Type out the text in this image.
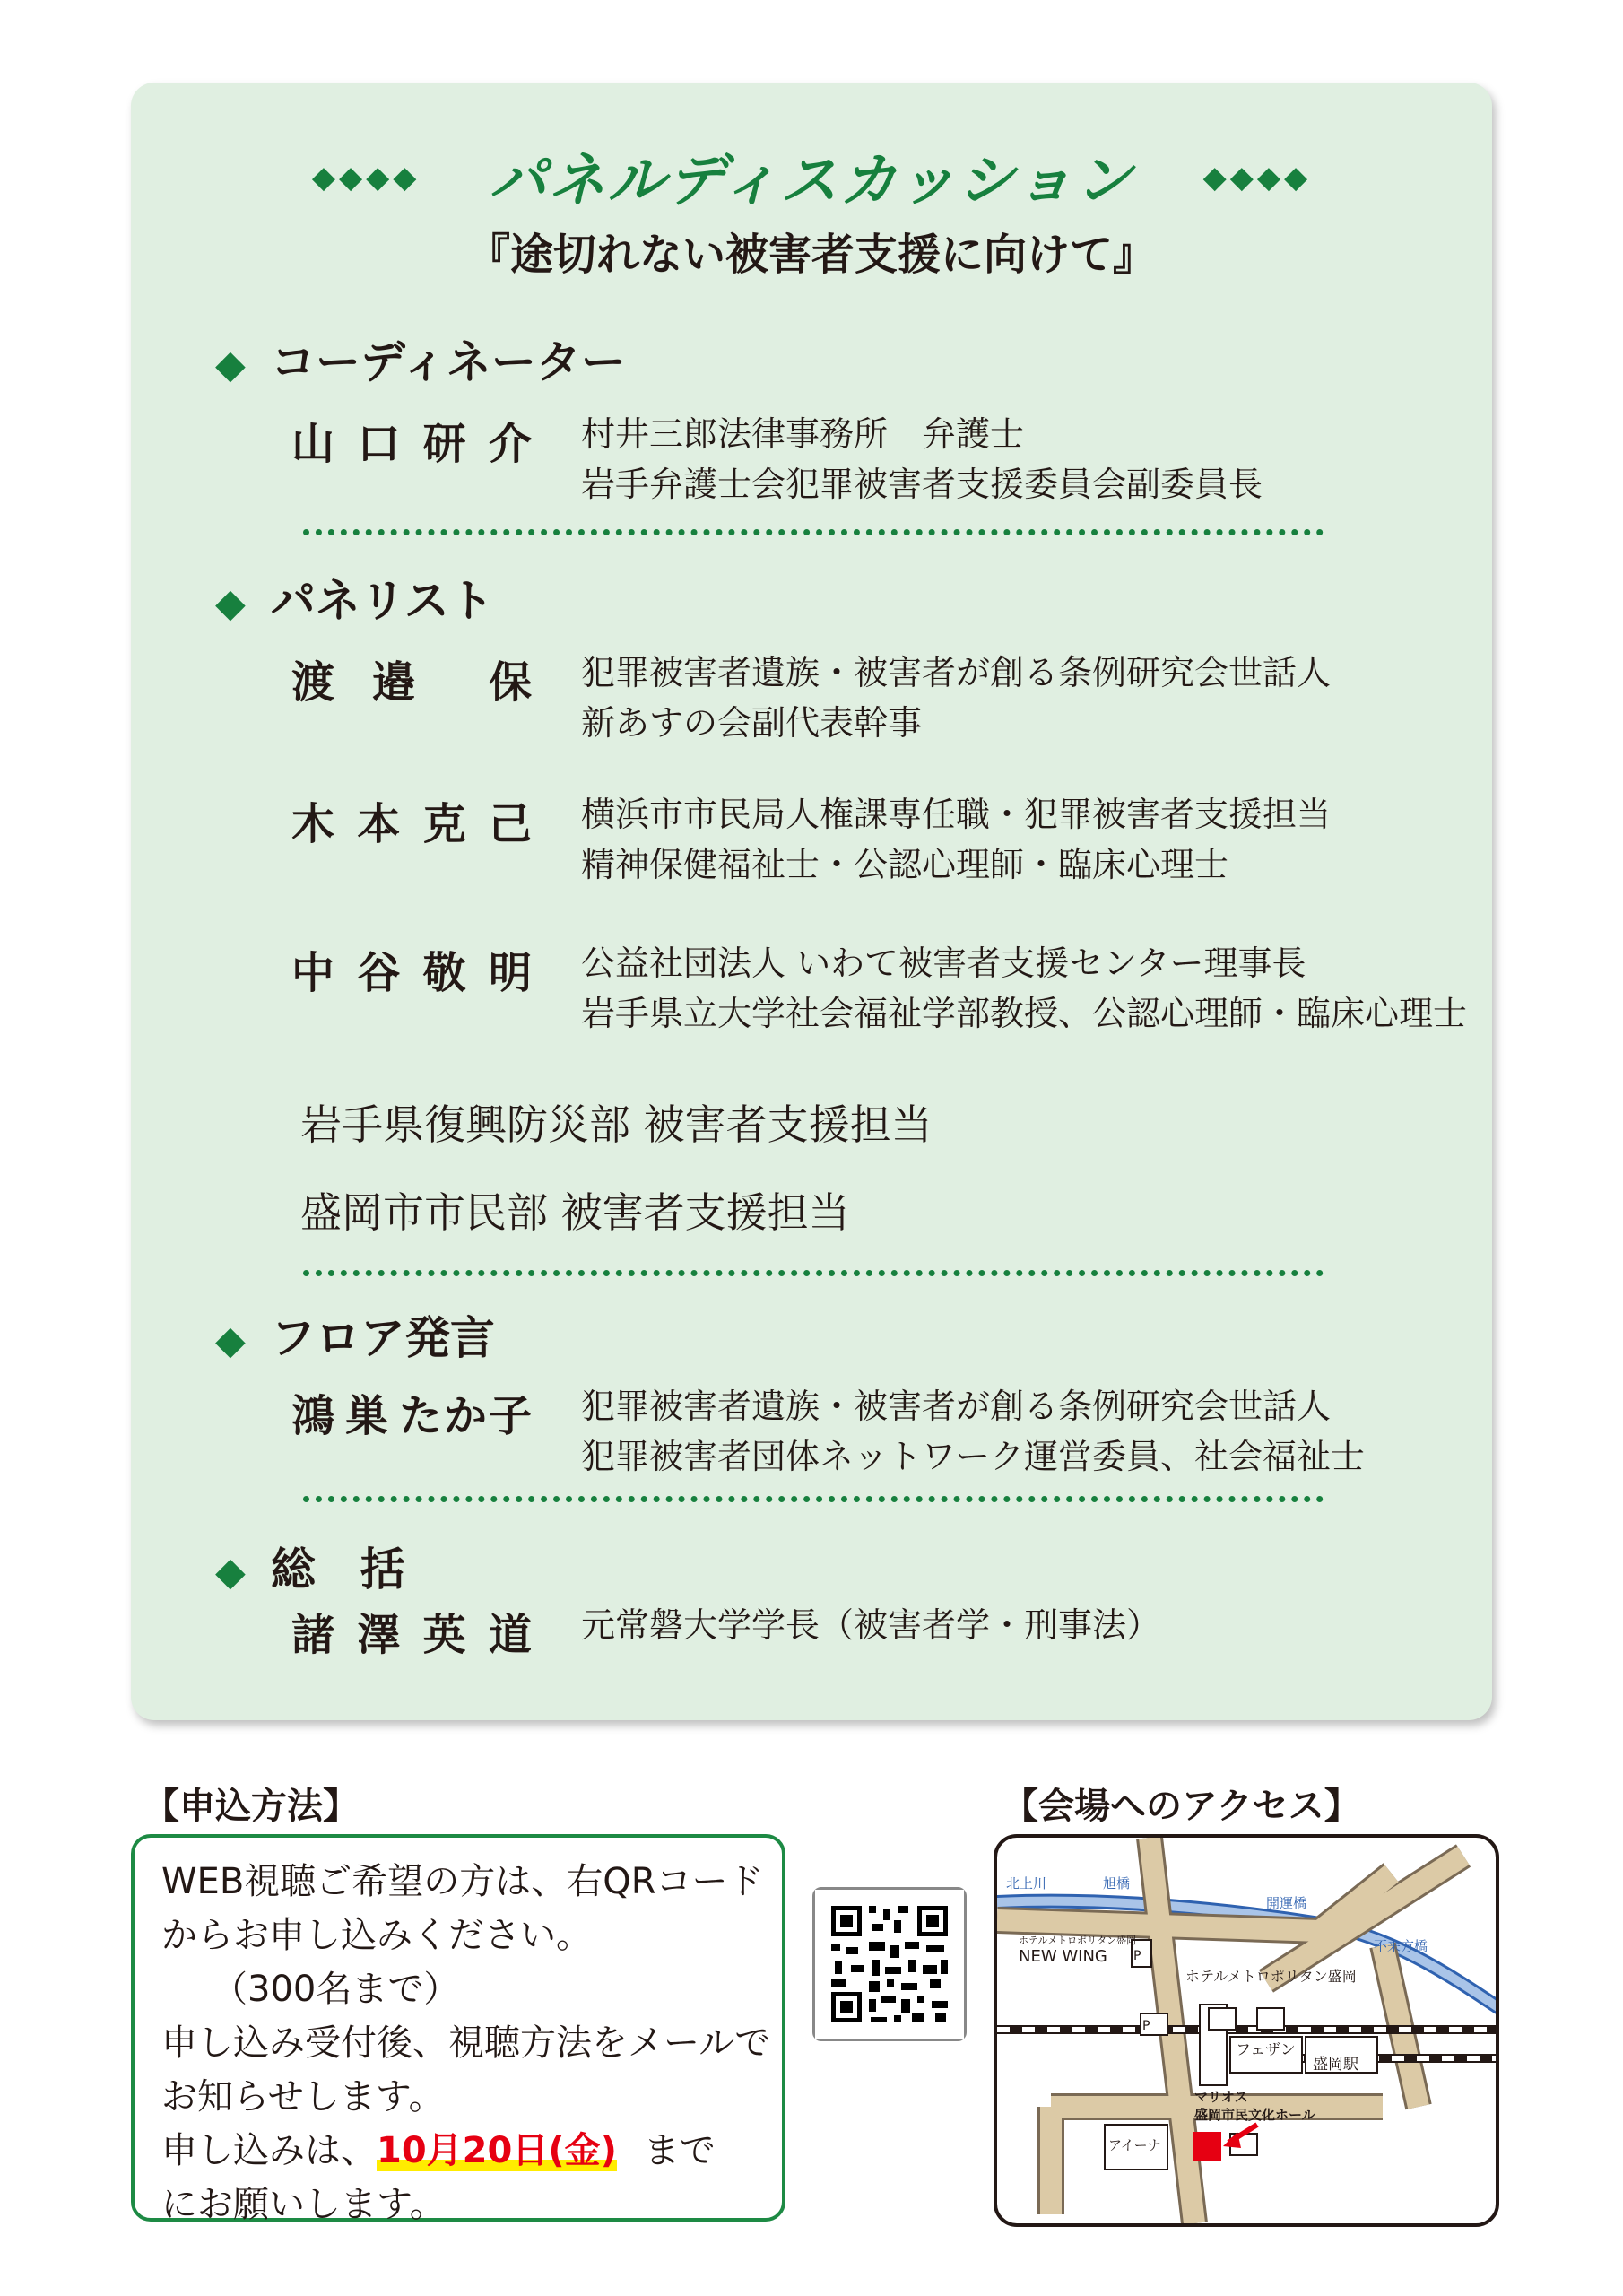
◆◆◆◆ パネルディスカッション ◆◆◆◆
『途切れない被害者支援に向けて』
◆ コーディネーター
山 口 研 介 村井三郎法律事務所　弁護士
岩手弁護士会犯罪被害者支援委員会副委員長
◆ パネリスト
渡 邉 保 犯罪被害者遺族・被害者が創る条例研究会世話人
新あすの会副代表幹事
木 本 克 己 横浜市市民局人権課専任職・犯罪被害者支援担当
精神保健福祉士・公認心理師・臨床心理士
中 谷 敬 明 公益社団法人 いわて被害者支援センター理事長
岩手県立大学社会福祉学部教授、公認心理師・臨床心理士
岩手県復興防災部 被害者支援担当
盛岡市市民部 被害者支援担当
◆ フロア発言
鴻 巣 たか子 犯罪被害者遺族・被害者が創る条例研究会世話人
犯罪被害者団体ネットワーク運営委員、社会福祉士
◆ 総　括
諸 澤 英 道 元常磐大学学長（被害者学・刑事法）
【申込方法】
WEB視聴ご希望の方は、右QRコード
からお申し込みください。
（300名まで）
申し込み受付後、視聴方法をメールで
お知らせします。
申し込みは、10月20日(金) まで
にお願いします。
【会場へのアクセス】
北上川	旭橋
開運橋
不来方橋
ホテルメトロポリタン盛岡
NEW WING P
P
ホテルメトロポリタン盛岡
フェザン
盛岡駅
マリオス
盛岡市民文化ホール
アイーナ
